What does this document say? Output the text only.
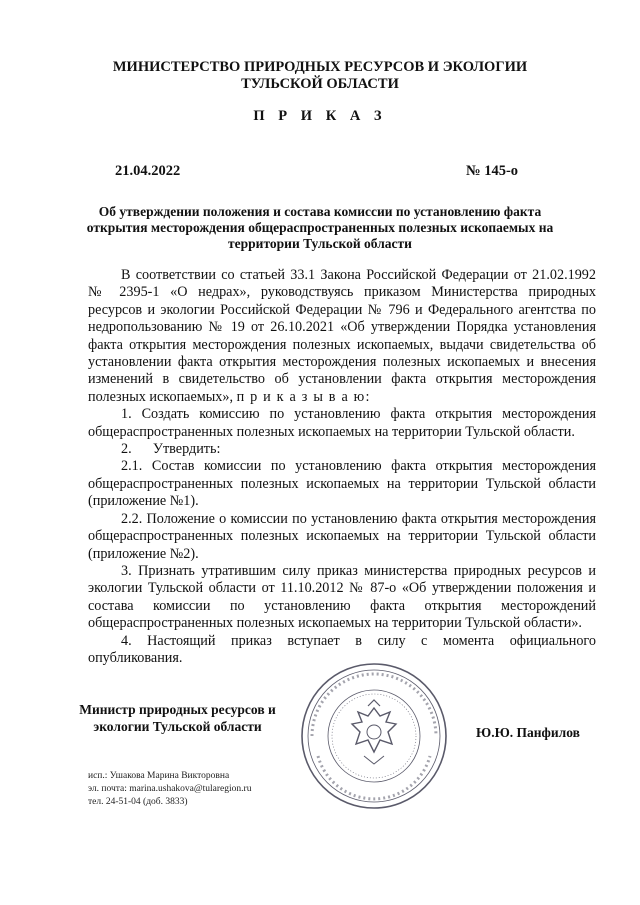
МИНИСТЕРСТВО ПРИРОДНЫХ РЕСУРСОВ И ЭКОЛОГИИ
ТУЛЬСКОЙ ОБЛАСТИ
П Р И К А З
21.04.2022	№ 145-о
Об утверждении положения и состава комиссии по установлению факта
открытия месторождения общераспространенных полезных ископаемых на
территории Тульской области

В соответствии со статьей 33.1 Закона Российской Федерации от 21.02.1992 № 2395-1 «О недрах», руководствуясь приказом Министерства природных ресурсов и экологии Российской Федерации № 796 и Федерального агентства по недропользованию № 19 от 26.10.2021 «Об утверждении Порядка установления факта открытия месторождения полезных ископаемых, выдачи свидетельства об установлении факта открытия месторождения полезных ископаемых и внесения изменений в свидетельство об установлении факта открытия месторождения полезных ископаемых», п р и к а з ы в а ю:

1. Создать комиссию по установлению факта открытия месторождения общераспространенных полезных ископаемых на территории Тульской области.

2.      Утвердить:

2.1. Состав комиссии по установлению факта открытия месторождения общераспространенных полезных ископаемых на территории Тульской области (приложение №1).

2.2. Положение о комиссии по установлению факта открытия месторождения общераспространенных полезных ископаемых на территории Тульской области (приложение №2).

3. Признать утратившим силу приказ министерства природных ресурсов и экологии Тульской области от 11.10.2012 № 87-о «Об утверждении положения и состава комиссии по установлению факта открытия месторождений общераспространенных полезных ископаемых на территории Тульской области».

4. Настоящий приказ вступает в силу с момента официального опубликования.

Министр природных ресурсов и
экологии Тульской области	Ю.Ю. Панфилов
исп.: Ушакова Марина Викторовна
эл. почта: marina.ushakova@tularegion.ru
тел. 24-51-04 (доб. 3833)
